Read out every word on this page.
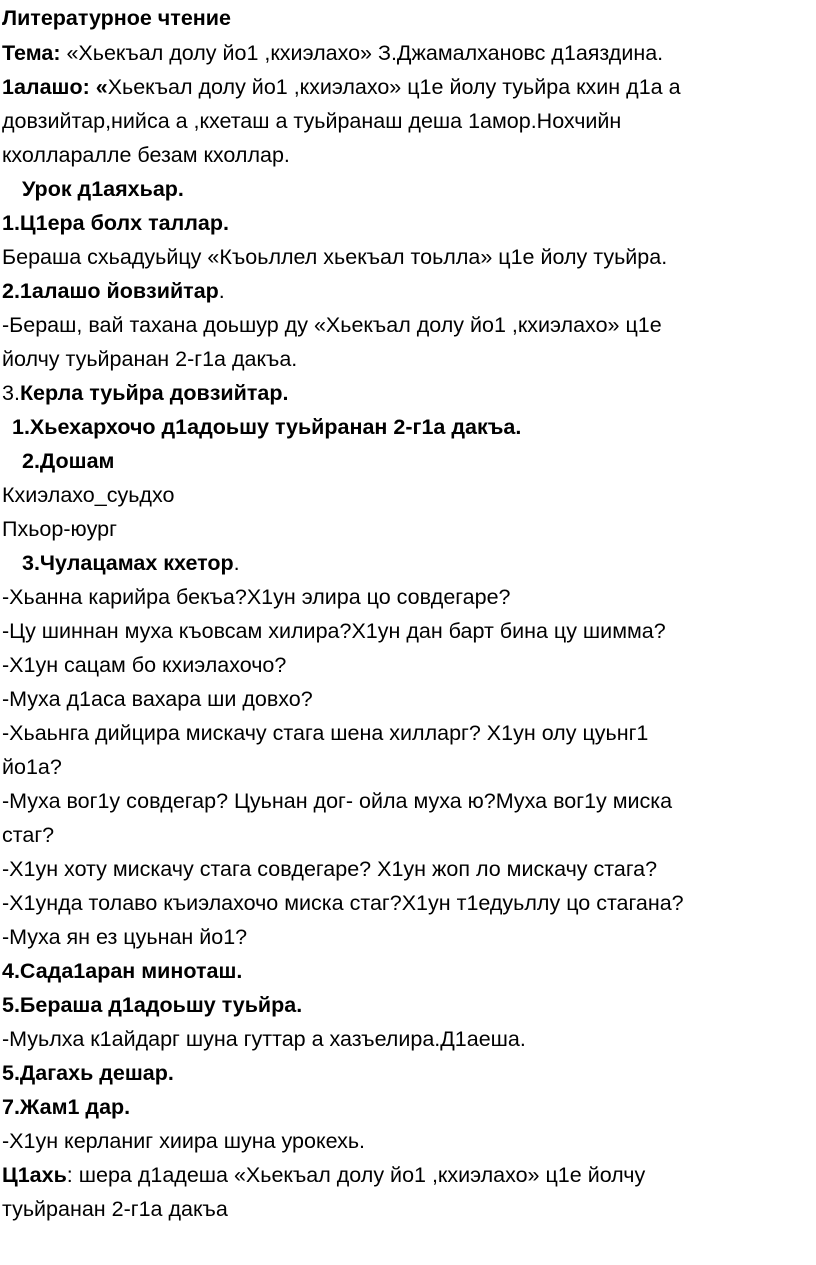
Литературное чтение
Тема: «Хьекъал долу йо1 ,кхиэлахо» З.Джамалхановс д1аяздина.
1алашо: «Хьекъал долу йо1 ,кхиэлахо» ц1е йолу туьйра кхин д1а а
довзийтар,нийса а ,кхеташ а туьйранаш деша 1амор.Нохчийн
кхолларалле безам кхоллар.
Урок д1аяхьар.
1.Ц1ера болх таллар.
Бераша схьадуьйцу «Къоьллел хьекъал тоьлла» ц1е йолу туьйра.
2.1алашо йовзийтар.
-Бераш, вай тахана доьшур ду «Хьекъал долу йо1 ,кхиэлахо» ц1е
йолчу туьйранан 2-г1а дакъа.
3.Керла туьйра довзийтар.
1.Хьехархочо д1адоьшу туьйранан 2-г1а дакъа.
2.Дошам
Кхиэлахо_суьдхо
Пхьор-юург
3.Чулацамах кхетор.
-Хьанна карийра бекъа?Х1ун элира цо совдегаре?
-Цу шиннан муха къовсам хилира?Х1ун дан барт бина цу шимма?
-Х1ун сацам бо кхиэлахочо?
-Муха д1аса вахара ши довхо?
-Хьаьнга дийцира мискачу стага шена хилларг? Х1ун олу цуьнг1
йо1а?
-Муха вог1у совдегар? Цуьнан дог- ойла муха ю?Муха вог1у миска
стаг?
-Х1ун хоту мискачу стага совдегаре? Х1ун жоп ло мискачу стага?
-Х1унда толаво къиэлахочо миска стаг?Х1ун т1едуьллу цо стагана?
-Муха ян ез цуьнан йо1?
4.Сада1аран миноташ.
5.Бераша д1адоьшу туьйра.
-Муьлха к1айдарг шуна гуттар а хазъелира.Д1аеша.
5.Дагахь дешар.
7.Жам1 дар.
-Х1ун керланиг хиира шуна урокехь.
Ц1ахь: шера д1адеша «Хьекъал долу йо1 ,кхиэлахо» ц1е йолчу
туьйранан 2-г1а дакъа
